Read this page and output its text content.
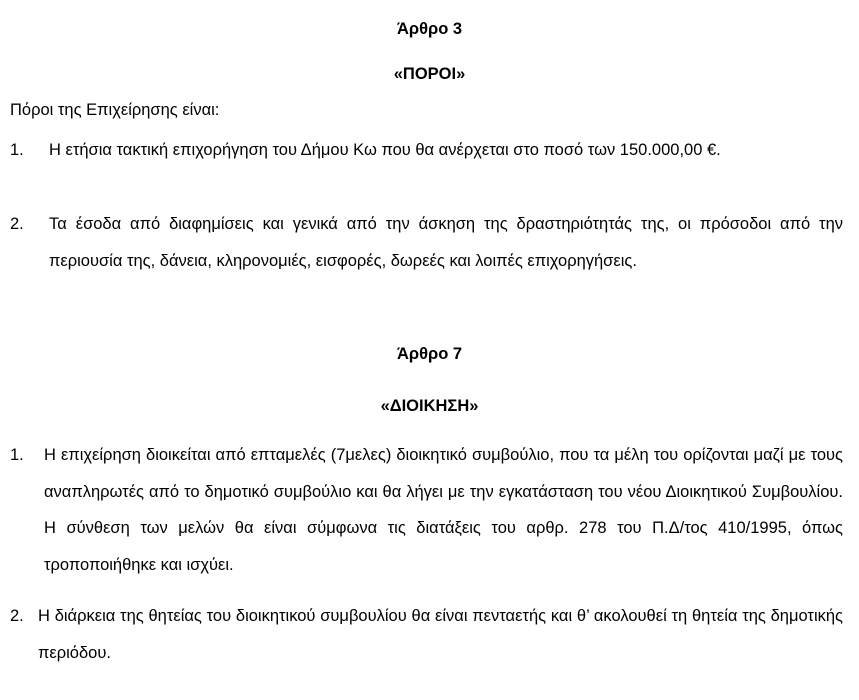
Άρθρο 3
«ΠΟΡΟΙ»
Πόροι της Επιχείρησης είναι:
1. Η ετήσια τακτική επιχορήγηση του Δήμου Κω που θα ανέρχεται στο ποσό των 150.000,00 €.
2. Τα έσοδα από διαφημίσεις και γενικά από την άσκηση της δραστηριότητάς της, οι πρόσοδοι από την περιουσία της, δάνεια, κληρονομιές, εισφορές, δωρεές και λοιπές επιχορηγήσεις.
Άρθρο 7
«ΔΙΟΙΚΗΣΗ»
1. Η επιχείρηση διοικείται από επταμελές (7μελες) διοικητικό συμβούλιο, που τα μέλη του ορίζονται μαζί με τους αναπληρωτές από το δημοτικό συμβούλιο και θα λήγει με την εγκατάσταση του νέου Διοικητικού Συμβουλίου. Η σύνθεση των μελών θα είναι σύμφωνα τις διατάξεις του αρθρ. 278 του Π.Δ/τος 410/1995, όπως τροποποιήθηκε και ισχύει.
2. Η διάρκεια της θητείας του διοικητικού συμβουλίου θα είναι πενταετής και θ’ ακολουθεί τη θητεία της δημοτικής περιόδου.
